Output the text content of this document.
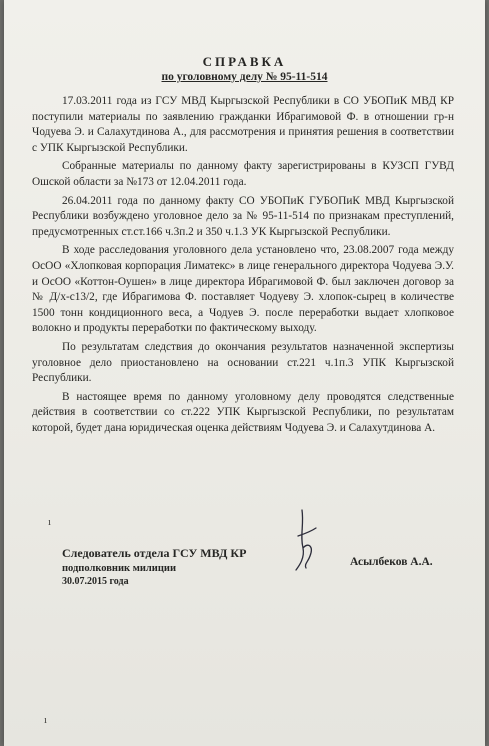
СПРАВКА
по уголовному делу № 95-11-514

17.03.2011 года из ГСУ МВД Кыргызской Республики в СО УБОПиК МВД КР поступили материалы по заявлению гражданки Ибрагимовой Ф. в отношении гр-н Чодуева Э. и Салахутдинова А., для рассмотрения и принятия решения в соответствии с УПК Кыргызской Республики.

Собранные материалы по данному факту зарегистрированы в КУЗСП ГУВД Ошской области за №173 от 12.04.2011 года.

26.04.2011 года по данному факту СО УБОПиК ГУБОПиК МВД Кыргызской Республики возбуждено уголовное дело за № 95-11-514 по признакам преступлений, предусмотренных ст.ст.166 ч.3п.2 и 350 ч.1.3 УК Кыргызской Республики.

В ходе расследования уголовного дела установлено что, 23.08.2007 года между ОсОО «Хлопковая корпорация Лиматекс» в лице генерального директора Чодуева Э.У. и ОсОО «Коттон-Оушен» в лице директора Ибрагимовой Ф. был заключен договор за № Д/х-с13/2, где Ибрагимова Ф. поставляет Чодуеву Э. хлопок-сырец в количестве 1500 тонн кондиционного веса, а Чодуев Э. после переработки выдает хлопковое волокно и продукты переработки по фактическому выходу.

По результатам следствия до окончания результатов назначенной экспертизы уголовное дело приостановлено на основании ст.221 ч.1п.3 УПК Кыргызской Республики.

В настоящее время по данному уголовному делу проводятся следственные действия в соответствии со ст.222 УПК Кыргызской Республики, по результатам которой, будет дана юридическая оценка действиям Чодуева Э. и Салахутдинова А.

ı
ı
Следователь отдела ГСУ МВД КР
подполковник милиции
30.07.2015 года
Асылбеков А.А.
